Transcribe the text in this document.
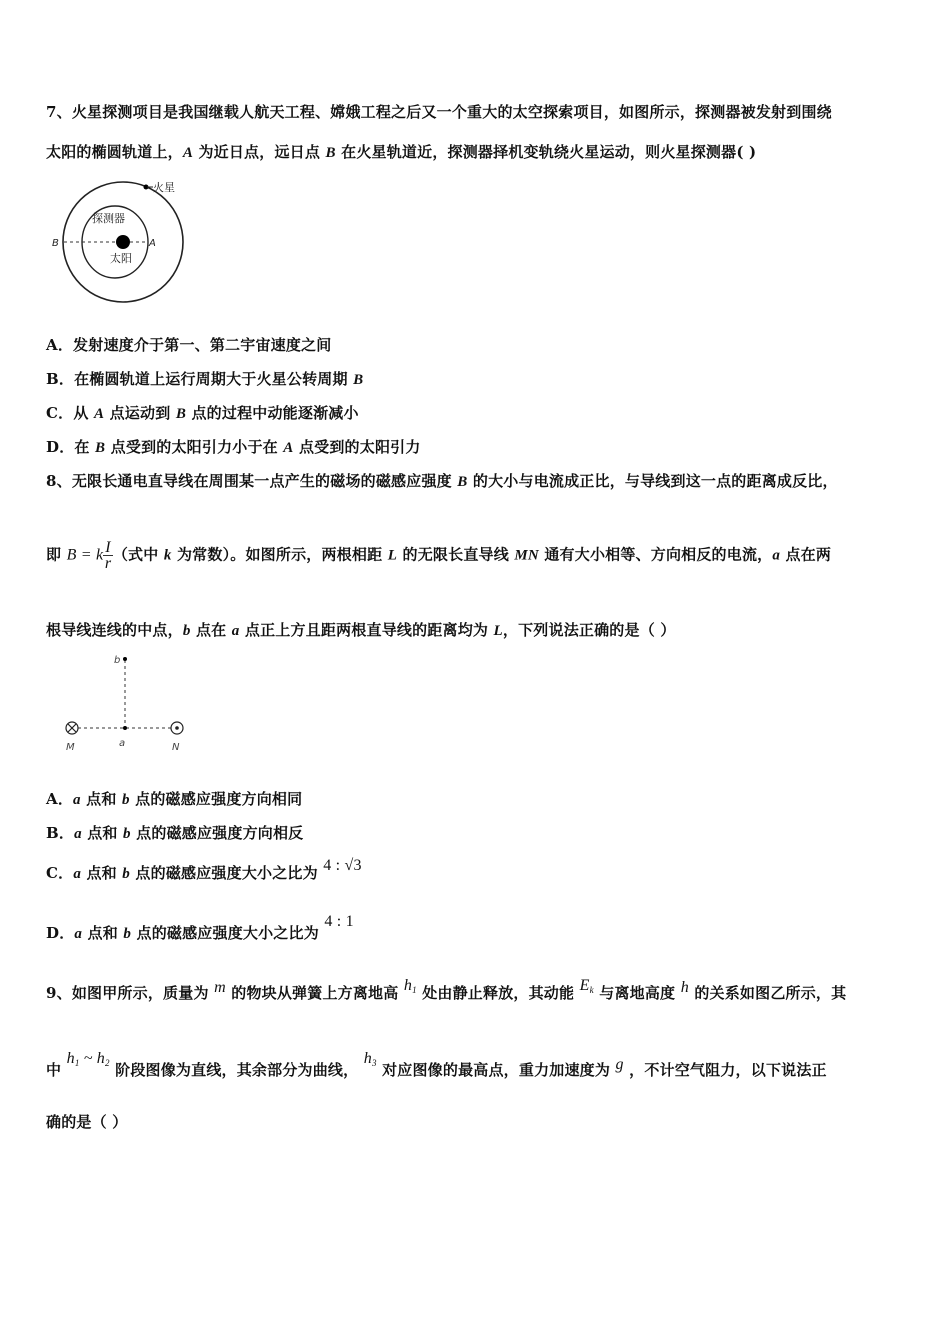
7、火星探测项目是我国继载人航天工程、嫦娥工程之后又一个重大的太空探索项目，如图所示，探测器被发射到围绕
太阳的椭圆轨道上，A 为近日点，远日点 B 在火星轨道近，探测器择机变轨绕火星运动，则火星探测器( )
火星
探测器
太阳
B	A
A．发射速度介于第一、第二宇宙速度之间
B．在椭圆轨道上运行周期大于火星公转周期 B
C．从 A 点运动到 B 点的过程中动能逐渐减小
D．在 B 点受到的太阳引力小于在 A 点受到的太阳引力
8、无限长通电直导线在周围某一点产生的磁场的磁感应强度 B 的大小与电流成正比，与导线到这一点的距离成反比，
即 B = k $\frac{I}{r}$ （式中 k 为常数）。如图所示，两根相距 L 的无限长直导线 MN 通有大小相等、方向相反的电流，a 点在两
根导线连线的中点，b 点在 a 点正上方且距两根直导线的距离均为 L，下列说法正确的是（ ）
b
a
M	N
A．a 点和 b 点的磁感应强度方向相同
B．a 点和 b 点的磁感应强度方向相反
C．a 点和 b 点的磁感应强度大小之比为 4 : √3
D．a 点和 b 点的磁感应强度大小之比为 4 : 1
9、如图甲所示，质量为 m 的物块从弹簧上方离地高 $h_1$ 处由静止释放，其动能 $E_k$ 与离地高度 h 的关系如图乙所示，其
中 $h_1$ ~ $h_2$ 阶段图像为直线，其余部分为曲线， $h_3$ 对应图像的最高点，重力加速度为 g ，不计空气阻力，以下说法正
确的是（ ）
